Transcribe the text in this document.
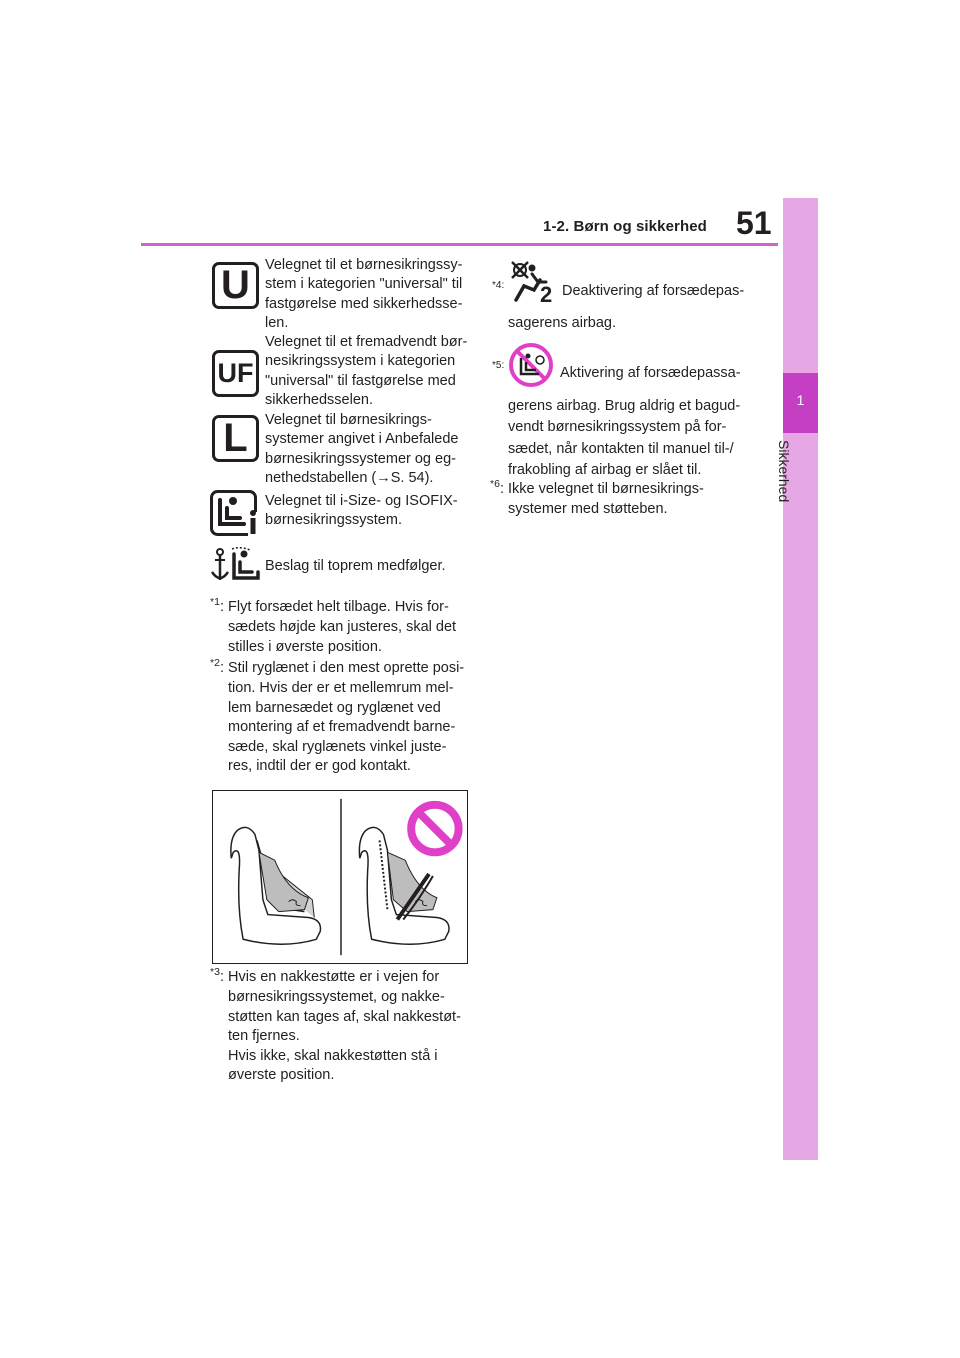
1-2. Børn og sikkerhed 51
1
Sikkerhed
U	Velegnet til et børnesikringssy-
stem i kategorien "universal" til
fastgørelse med sikkerhedsse-
len.
UF
Velegnet til et fremadvendt bør-
nesikringssystem i kategorien
"universal" til fastgørelse med
sikkerhedsselen.
L	Velegnet til børnesikrings-
systemer angivet i Anbefalede
børnesikringssystemer og eg-
nethedstabellen (→S. 54).
Velegnet til i-Size- og ISOFIX-
børnesikringssystem.
Beslag til toprem medfølger.
$^{*1}$: Flyt forsædet helt tilbage. Hvis for-
sædets højde kan justeres, skal det
stilles i øverste position.
$^{*2}$: Stil ryglænet i den mest oprette posi-
tion. Hvis der er et mellemrum mel-
lem barnesædet og ryglænet ved
montering af et fremadvendt barne-
sæde, skal ryglænets vinkel juste-
res, indtil der er god kontakt.
$^{*3}$: Hvis en nakkestøtte er i vejen for
børnesikringssystemet, og nakke-
støtten kan tages af, skal nakkestøt-
ten fjernes.
Hvis ikke, skal nakkestøtten stå i
øverste position.
*4: 2 Deaktivering af forsædepas-
sagerens airbag.
*5:	Aktivering af forsædepassa-
gerens airbag. Brug aldrig et bagud-
vendt børnesikringssystem på for-
sædet, når kontakten til manuel til-/
frakobling af airbag er slået til.
$^{*6}$: Ikke velegnet til børnesikrings-
systemer med støtteben.
